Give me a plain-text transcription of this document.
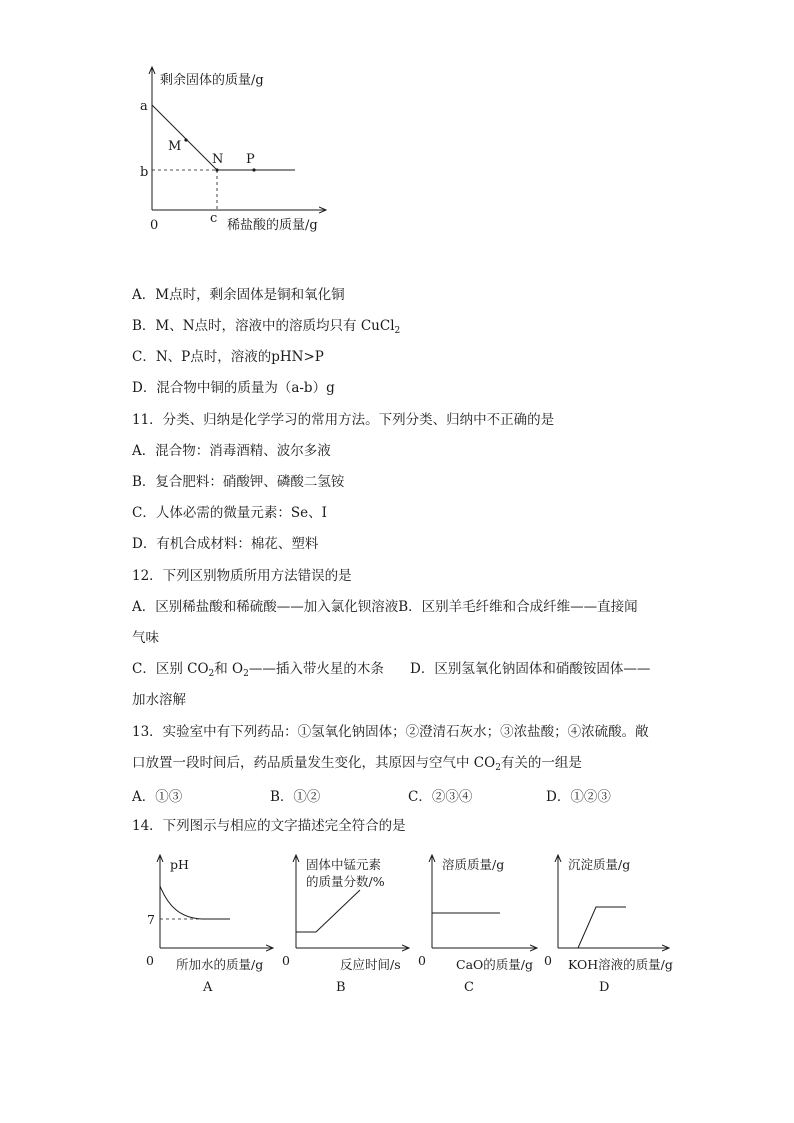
剩余固体的质量/g
稀盐酸的质量/g
0
a
b
c
M
N P
A．M点时，剩余固体是铜和氧化铜
B．M、N点时，溶液中的溶质均只有 CuCl$_2$
C．N、P点时，溶液的pHN>P
D．混合物中铜的质量为（a-b）g
11．分类、归纳是化学学习的常用方法。下列分类、归纳中不正确的是
A．混合物：消毒酒精、波尔多液
B．复合肥料：硝酸钾、磷酸二氢铵
C．人体必需的微量元素：Se、I
D．有机合成材料：棉花、塑料
12．下列区别物质所用方法错误的是
A．区别稀盐酸和稀硫酸——加入氯化钡溶液B．区别羊毛纤维和合成纤维——直接闻
气味
C．区别 $CO_2$和 $O_2——$插入带火星的木条 D．区别氢氧化钠固体和硝酸铵固体——
加水溶解
13．实验室中有下列药品：①氢氧化钠固体；②澄清石灰水；③浓盐酸；④浓硫酸。敞
口放置一段时间后，药品质量发生变化，其原因与空气中 $CO_2$有关的一组是
A．①③	B．①②	C．②③④	D．①②③
14．下列图示与相应的文字描述完全符合的是
pH
7
0 所加水的质量/g
A
固体中锰元素
的质量分数/%
0	反应时间/s
B
溶质质量/g
0 CaO的质量/g
C
沉淀质量/g
0 KOH溶液的质量/g
D
